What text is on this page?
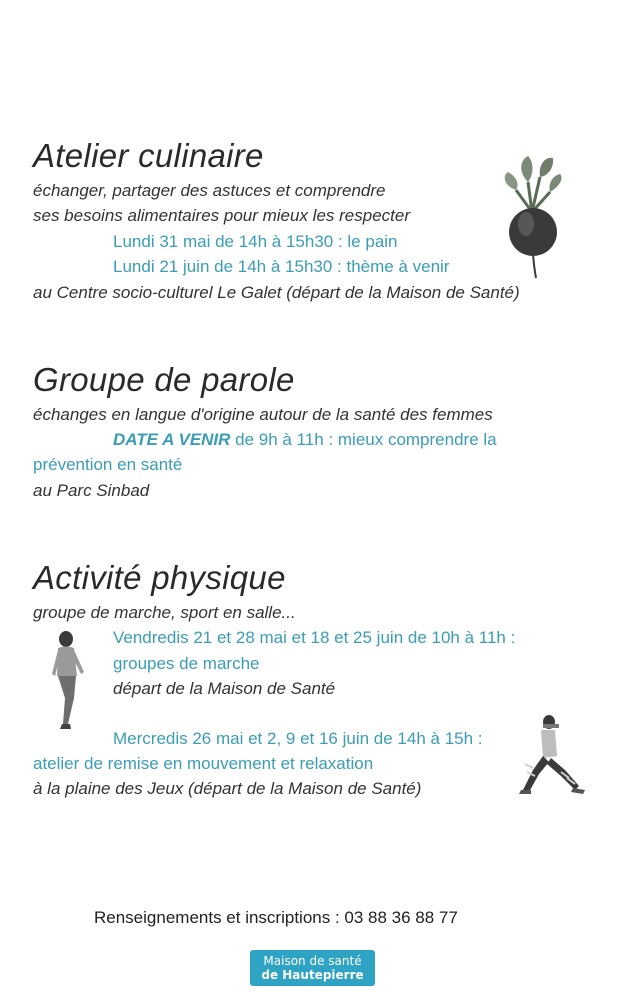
Atelier culinaire
échanger, partager des astuces et comprendre
ses besoins alimentaires pour mieux les respecter
Lundi 31 mai de 14h à 15h30 : le pain
Lundi 21 juin de 14h à 15h30 : thème à venir
au Centre socio-culturel Le Galet (départ de la Maison de Santé)
Groupe de parole
échanges en langue d'origine autour de la santé des femmes
DATE A VENIR de 9h à 11h : mieux comprendre la
prévention en santé
au Parc Sinbad
Activité physique
groupe de marche, sport en salle...
Vendredis 21 et 28 mai et 18 et 25 juin de 10h à 11h :
groupes de marche
départ de la Maison de Santé
Mercredis 26 mai et 2, 9 et 16 juin de 14h à 15h :
atelier de remise en mouvement et relaxation
à la plaine des Jeux (départ de la Maison de Santé)
Renseignements et inscriptions : 03 88 36 88 77
Maison de santé
de Hautepierre
